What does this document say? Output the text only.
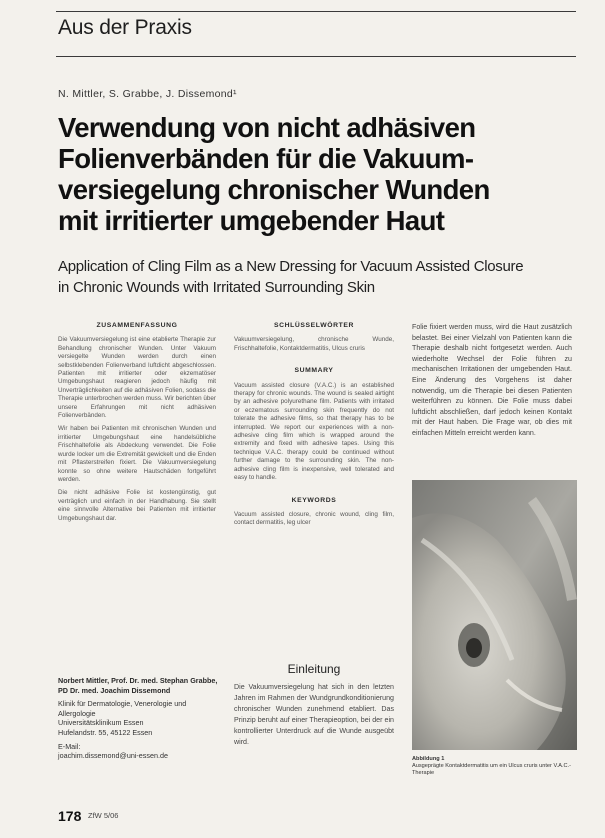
Aus der Praxis
N. Mittler, S. Grabbe, J. Dissemond¹
Verwendung von nicht adhäsiven
Folienverbänden für die Vakuum-
versiegelung chronischer Wunden
mit irritierter umgebender Haut
Application of Cling Film as a New Dressing for Vacuum Assisted Closure
in Chronic Wounds with Irritated Surrounding Skin
ZUSAMMENFASSUNG

Die Vakuumversiegelung ist eine etablierte Therapie zur Behandlung chronischer Wunden. Unter Vakuum versiegelte Wunden werden durch einen selbstklebenden Folienverband luftdicht abgeschlossen. Patienten mit irritierter oder ekzematöser Umgebungshaut reagieren jedoch häufig mit Unverträglichkeiten auf die adhäsiven Folien, sodass die Therapie unterbrochen werden muss. Wir berichten über unsere Erfahrungen mit nicht adhäsiven Folienverbänden.

Wir haben bei Patienten mit chronischen Wunden und irritierter Umgebungshaut eine handelsübliche Frischhaltefolie als Abdeckung verwendet. Die Folie wurde locker um die Extremität gewickelt und die Enden mit Pflasterstreifen fixiert. Die Vakuumversiegelung konnte so ohne weitere Hautschäden fortgeführt werden.

Die nicht adhäsive Folie ist kostengünstig, gut verträglich und einfach in der Handhabung. Sie stellt eine sinnvolle Alternative bei Patienten mit irritierter Umgebungshaut dar.

SCHLÜSSELWÖRTER

Vakuumversiegelung, chronische Wunde, Frischhaltefolie, Kontaktdermatitis, Ulcus cruris

SUMMARY

Vacuum assisted closure (V.A.C.) is an established therapy for chronic wounds. The wound is sealed airtight by an adhesive polyurethane film. Patients with irritated or eczematous surrounding skin frequently do not tolerate the adhesive films, so that therapy has to be interrupted. We report our experiences with a non-adhesive cling film which is wrapped around the extremity and fixed with adhesive tapes. Using this technique V.A.C. therapy could be continued without further damage to the surrounding skin. The non-adhesive cling film is inexpensive, well tolerated and easy to handle.

KEYWORDS

Vacuum assisted closure, chronic wound, cling film, contact dermatitis, leg ulcer

Folie fixiert werden muss, wird die Haut zusätzlich belastet. Bei einer Vielzahl von Patienten kann die Therapie deshalb nicht fortgesetzt werden. Auch wiederholte Wechsel der Folie führen zu mechanischen Irritationen der umgebenden Haut. Eine Änderung des Vorgehens ist daher notwendig, um die Therapie bei diesen Patienten weiterführen zu können. Die Folie muss dabei luftdicht abschließen, darf jedoch keinen Kontakt mit der Haut haben. Die Frage war, ob dies mit einfachen Mitteln erreicht werden kann.

Abbildung 1
Ausgeprägte Kontaktdermatitis um ein Ulcus cruris unter V.A.C.-Therapie
Einleitung
Die Vakuumversiegelung hat sich in den letzten Jahren im Rahmen der Wundgrundkonditionierung chronischer Wunden zunehmend etabliert. Das Prinzip beruht auf einer Therapieoption, bei der ein kontrollierter Unterdruck auf die Wunde ausgeübt wird.
Norbert Mittler, Prof. Dr. med. Stephan Grabbe, PD Dr. med. Joachim Dissemond
Klinik für Dermatologie, Venerologie und Allergologie
Universitätsklinikum Essen
Hufelandstr. 55, 45122 Essen
E-Mail:
joachim.dissemond@uni-essen.de
178 ZfW 5/06
